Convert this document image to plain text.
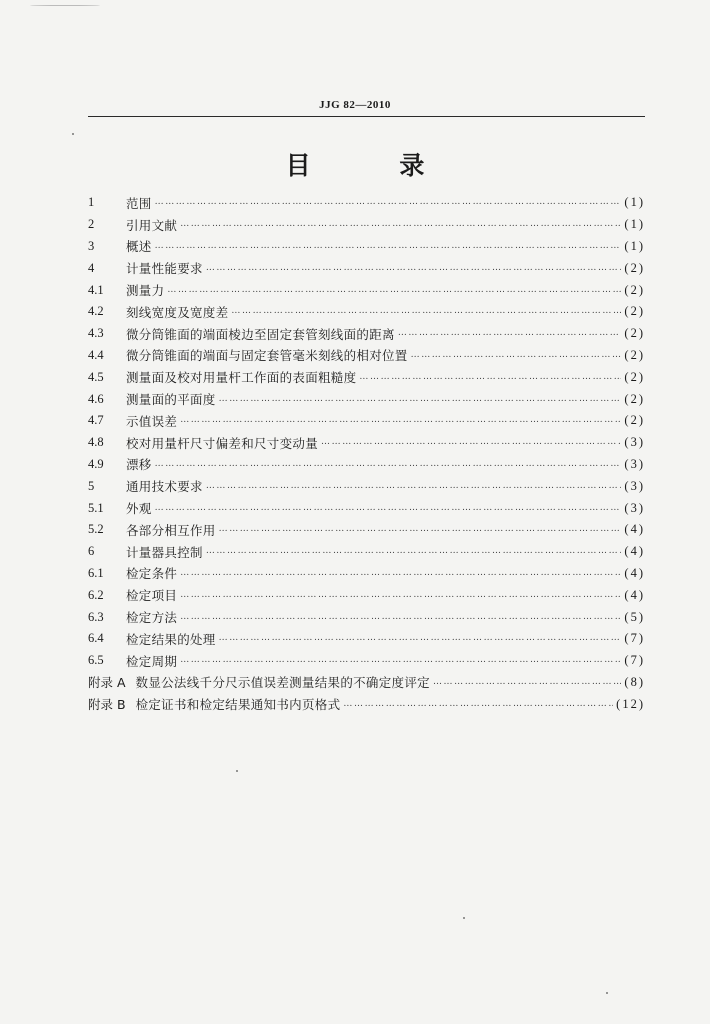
JJG 82—2010
目 录
1	范围 …………………………………………………………………………………………………………………………………………………………………………………………………………	(1)
2	引用文献 …………………………………………………………………………………………………………………………………………………………………………………………………………	(1)
3	概述 …………………………………………………………………………………………………………………………………………………………………………………………………………	(1)
4	计量性能要求 …………………………………………………………………………………………………………………………………………………………………………………………………………	(2)
4.1	测量力 …………………………………………………………………………………………………………………………………………………………………………………………………………	(2)
4.2	刻线宽度及宽度差 …………………………………………………………………………………………………………………………………………………………………………………………………………	(2)
4.3	微分筒锥面的端面棱边至固定套管刻线面的距离 …………………………………………………………………………………………………………………………………………………………………………………………………………	(2)
4.4	微分筒锥面的端面与固定套管毫米刻线的相对位置 …………………………………………………………………………………………………………………………………………………………………………………………………………	(2)
4.5	测量面及校对用量杆工作面的表面粗糙度 …………………………………………………………………………………………………………………………………………………………………………………………………………	(2)
4.6	测量面的平面度 …………………………………………………………………………………………………………………………………………………………………………………………………………	(2)
4.7	示值误差 …………………………………………………………………………………………………………………………………………………………………………………………………………	(2)
4.8	校对用量杆尺寸偏差和尺寸变动量 …………………………………………………………………………………………………………………………………………………………………………………………………………	(3)
4.9	漂移 …………………………………………………………………………………………………………………………………………………………………………………………………………	(3)
5	通用技术要求 …………………………………………………………………………………………………………………………………………………………………………………………………………	(3)
5.1	外观 …………………………………………………………………………………………………………………………………………………………………………………………………………	(3)
5.2	各部分相互作用 …………………………………………………………………………………………………………………………………………………………………………………………………………	(4)
6	计量器具控制 …………………………………………………………………………………………………………………………………………………………………………………………………………	(4)
6.1	检定条件 …………………………………………………………………………………………………………………………………………………………………………………………………………	(4)
6.2	检定项目 …………………………………………………………………………………………………………………………………………………………………………………………………………	(4)
6.3	检定方法 …………………………………………………………………………………………………………………………………………………………………………………………………………	(5)
6.4	检定结果的处理 …………………………………………………………………………………………………………………………………………………………………………………………………………	(7)
6.5	检定周期 …………………………………………………………………………………………………………………………………………………………………………………………………………	(7)
附录 A 数显公法线千分尺示值误差测量结果的不确定度评定 …………………………………………………………………………………………………………………………………………………………………………………………………………	(8)
附录 B 检定证书和检定结果通知书内页格式 …………………………………………………………………………………………………………………………………………………………………………………………………………	(12)
